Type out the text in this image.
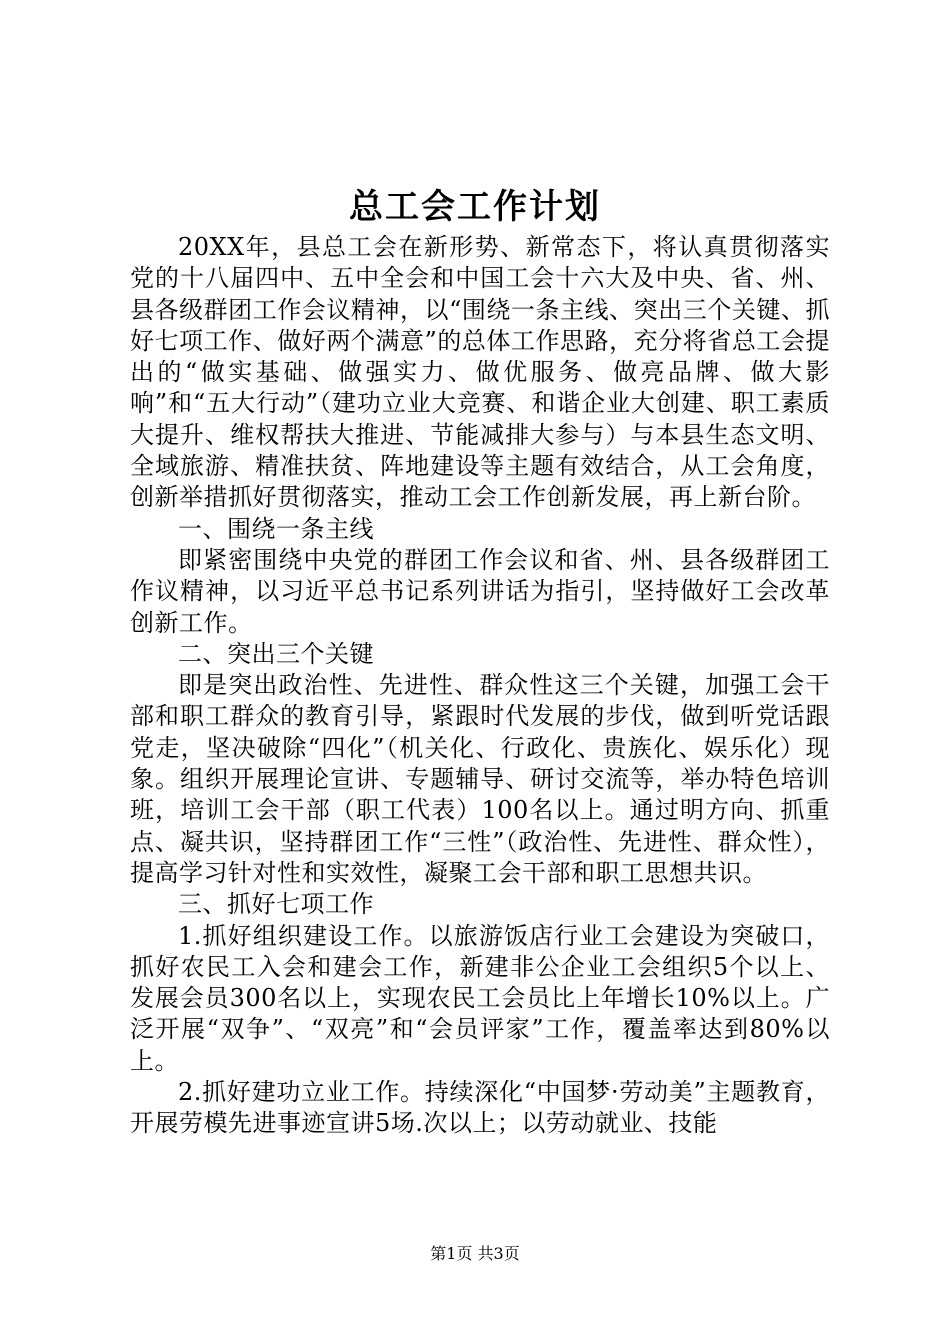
总工会工作计划

20XX年，县总工会在新形势、新常态下，将认真贯彻落实党的十八届四中、五中全会和中国工会十六大及中央、省、州、县各级群团工作会议精神，以“围绕一条主线、突出三个关键、抓好七项工作、做好两个满意”的总体工作思路，充分将省总工会提出的“做实基础、做强实力、做优服务、做亮品牌、做大影响”和“五大行动”（建功立业大竞赛、和谐企业大创建、职工素质大提升、维权帮扶大推进、节能减排大参与）与本县生态文明、全域旅游、精准扶贫、阵地建设等主题有效结合，从工会角度，创新举措抓好贯彻落实，推动工会工作创新发展，再上新台阶。

一、围绕一条主线

即紧密围绕中央党的群团工作会议和省、州、县各级群团工作议精神，以习近平总书记系列讲话为指引，坚持做好工会改革创新工作。

二、突出三个关键

即是突出政治性、先进性、群众性这三个关键，加强工会干部和职工群众的教育引导，紧跟时代发展的步伐，做到听党话跟党走，坚决破除“四化”（机关化、行政化、贵族化、娱乐化）现象。组织开展理论宣讲、专题辅导、研讨交流等，举办特色培训班，培训工会干部（职工代表）100名以上。通过明方向、抓重点、凝共识，坚持群团工作“三性”（政治性、先进性、群众性），提高学习针对性和实效性，凝聚工会干部和职工思想共识。

三、抓好七项工作

1.抓好组织建设工作。以旅游饭店行业工会建设为突破口，抓好农民工入会和建会工作，新建非公企业工会组织5个以上、发展会员300名以上，实现农民工会员比上年增长10%以上。广泛开展“双争”、“双亮”和“会员评家”工作，覆盖率达到80%以上。

2.抓好建功立业工作。持续深化“中国梦·劳动美”主题教育，开展劳模先进事迹宣讲5场.次以上；以劳动就业、技能

第1页 共3页
